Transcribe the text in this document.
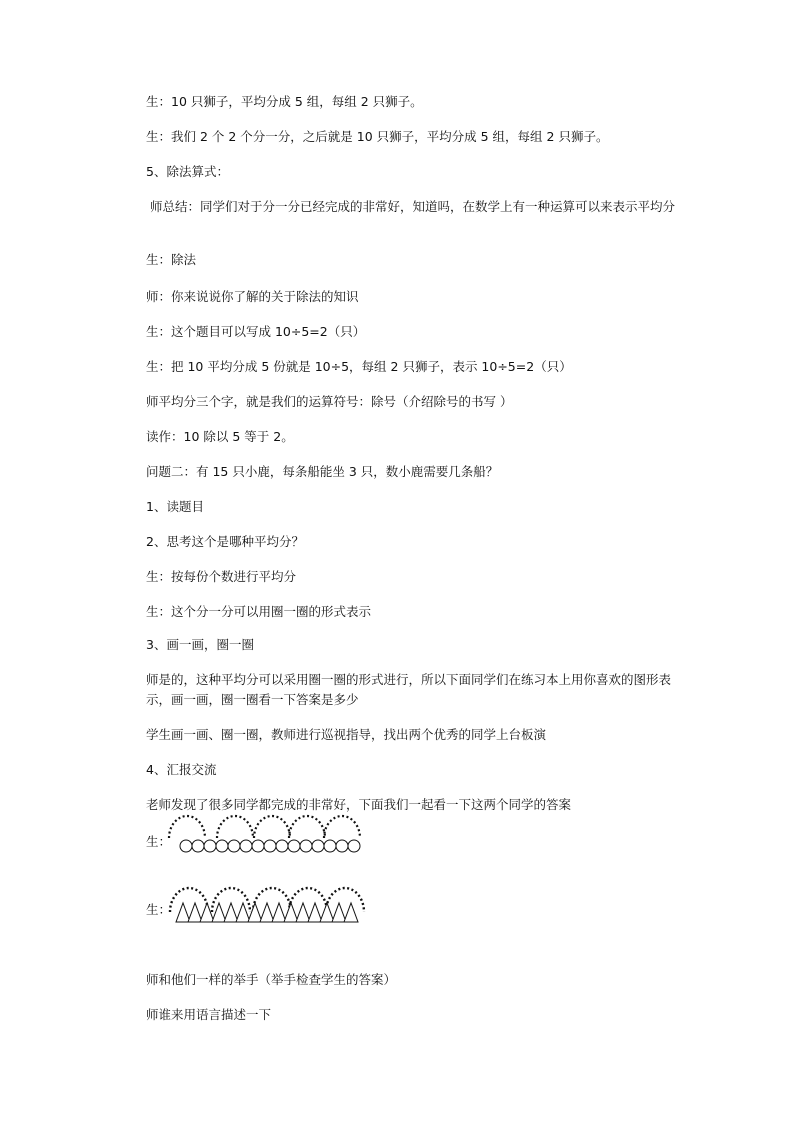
生：10 只狮子，平均分成 5 组，每组 2 只狮子。
生：我们 2 个 2 个分一分，之后就是 10 只狮子，平均分成 5 组，每组 2 只狮子。
5、除法算式：
师总结：同学们对于分一分已经完成的非常好，知道吗，在数学上有一种运算可以来表示平均分
生：除法
师：你来说说你了解的关于除法的知识
生：这个题目可以写成 10÷5=2（只）
生：把 10 平均分成 5 份就是 10÷5，每组 2 只狮子，表示 10÷5=2（只）
师平均分三个字，就是我们的运算符号：除号（介绍除号的书写 ）
读作：10 除以 5 等于 2。
问题二：有 15 只小鹿，每条船能坐 3 只，数小鹿需要几条船？
1、读题目
2、思考这个是哪种平均分？
生：按每份个数进行平均分
生：这个分一分可以用圈一圈的形式表示
3、画一画，圈一圈
师是的，这种平均分可以采用圈一圈的形式进行，所以下面同学们在练习本上用你喜欢的图形表示，画一画，圈一圈看一下答案是多少
学生画一画、圈一圈，教师进行巡视指导，找出两个优秀的同学上台板演
4、汇报交流
老师发现了很多同学都完成的非常好，下面我们一起看一下这两个同学的答案
生：
生：
师和他们一样的举手（举手检查学生的答案）
师谁来用语言描述一下
